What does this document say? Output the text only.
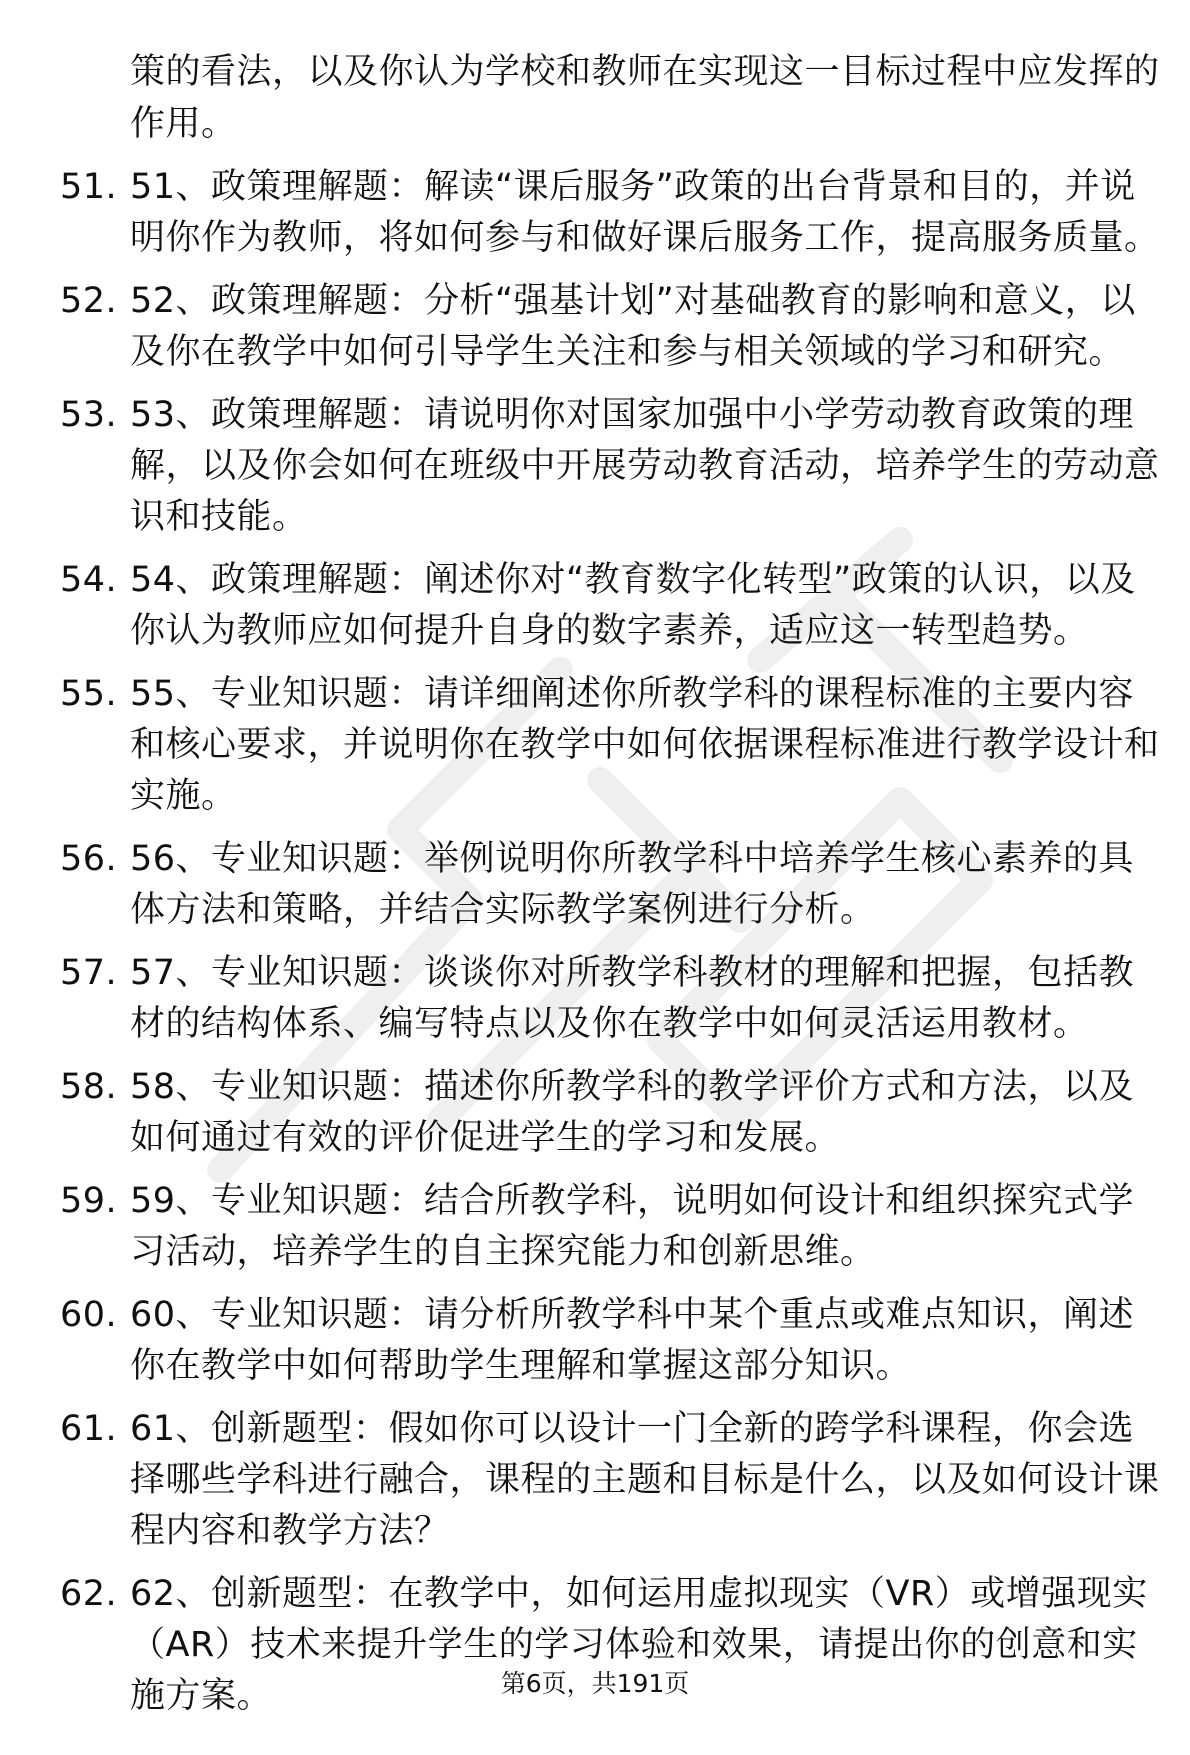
策的看法，以及你认为学校和教师在实现这一目标过程中应发挥的作用。
51. 51、政策理解题：解读“课后服务”政策的出台背景和目的，并说明你作为教师，将如何参与和做好课后服务工作，提高服务质量。
52. 52、政策理解题：分析“强基计划”对基础教育的影响和意义，以及你在教学中如何引导学生关注和参与相关领域的学习和研究。
53. 53、政策理解题：请说明你对国家加强中小学劳动教育政策的理解，以及你会如何在班级中开展劳动教育活动，培养学生的劳动意识和技能。
54. 54、政策理解题：阐述你对“教育数字化转型”政策的认识，以及你认为教师应如何提升自身的数字素养，适应这一转型趋势。
55. 55、专业知识题：请详细阐述你所教学科的课程标准的主要内容和核心要求，并说明你在教学中如何依据课程标准进行教学设计和实施。
56. 56、专业知识题：举例说明你所教学科中培养学生核心素养的具体方法和策略，并结合实际教学案例进行分析。
57. 57、专业知识题：谈谈你对所教学科教材的理解和把握，包括教材的结构体系、编写特点以及你在教学中如何灵活运用教材。
58. 58、专业知识题：描述你所教学科的教学评价方式和方法，以及如何通过有效的评价促进学生的学习和发展。
59. 59、专业知识题：结合所教学科，说明如何设计和组织探究式学习活动，培养学生的自主探究能力和创新思维。
60. 60、专业知识题：请分析所教学科中某个重点或难点知识，阐述你在教学中如何帮助学生理解和掌握这部分知识。
61. 61、创新题型：假如你可以设计一门全新的跨学科课程，你会选择哪些学科进行融合，课程的主题和目标是什么，以及如何设计课程内容和教学方法？
62. 62、创新题型：在教学中，如何运用虚拟现实（VR）或增强现实（AR）技术来提升学生的学习体验和效果，请提出你的创意和实施方案。	第6页，共191页
